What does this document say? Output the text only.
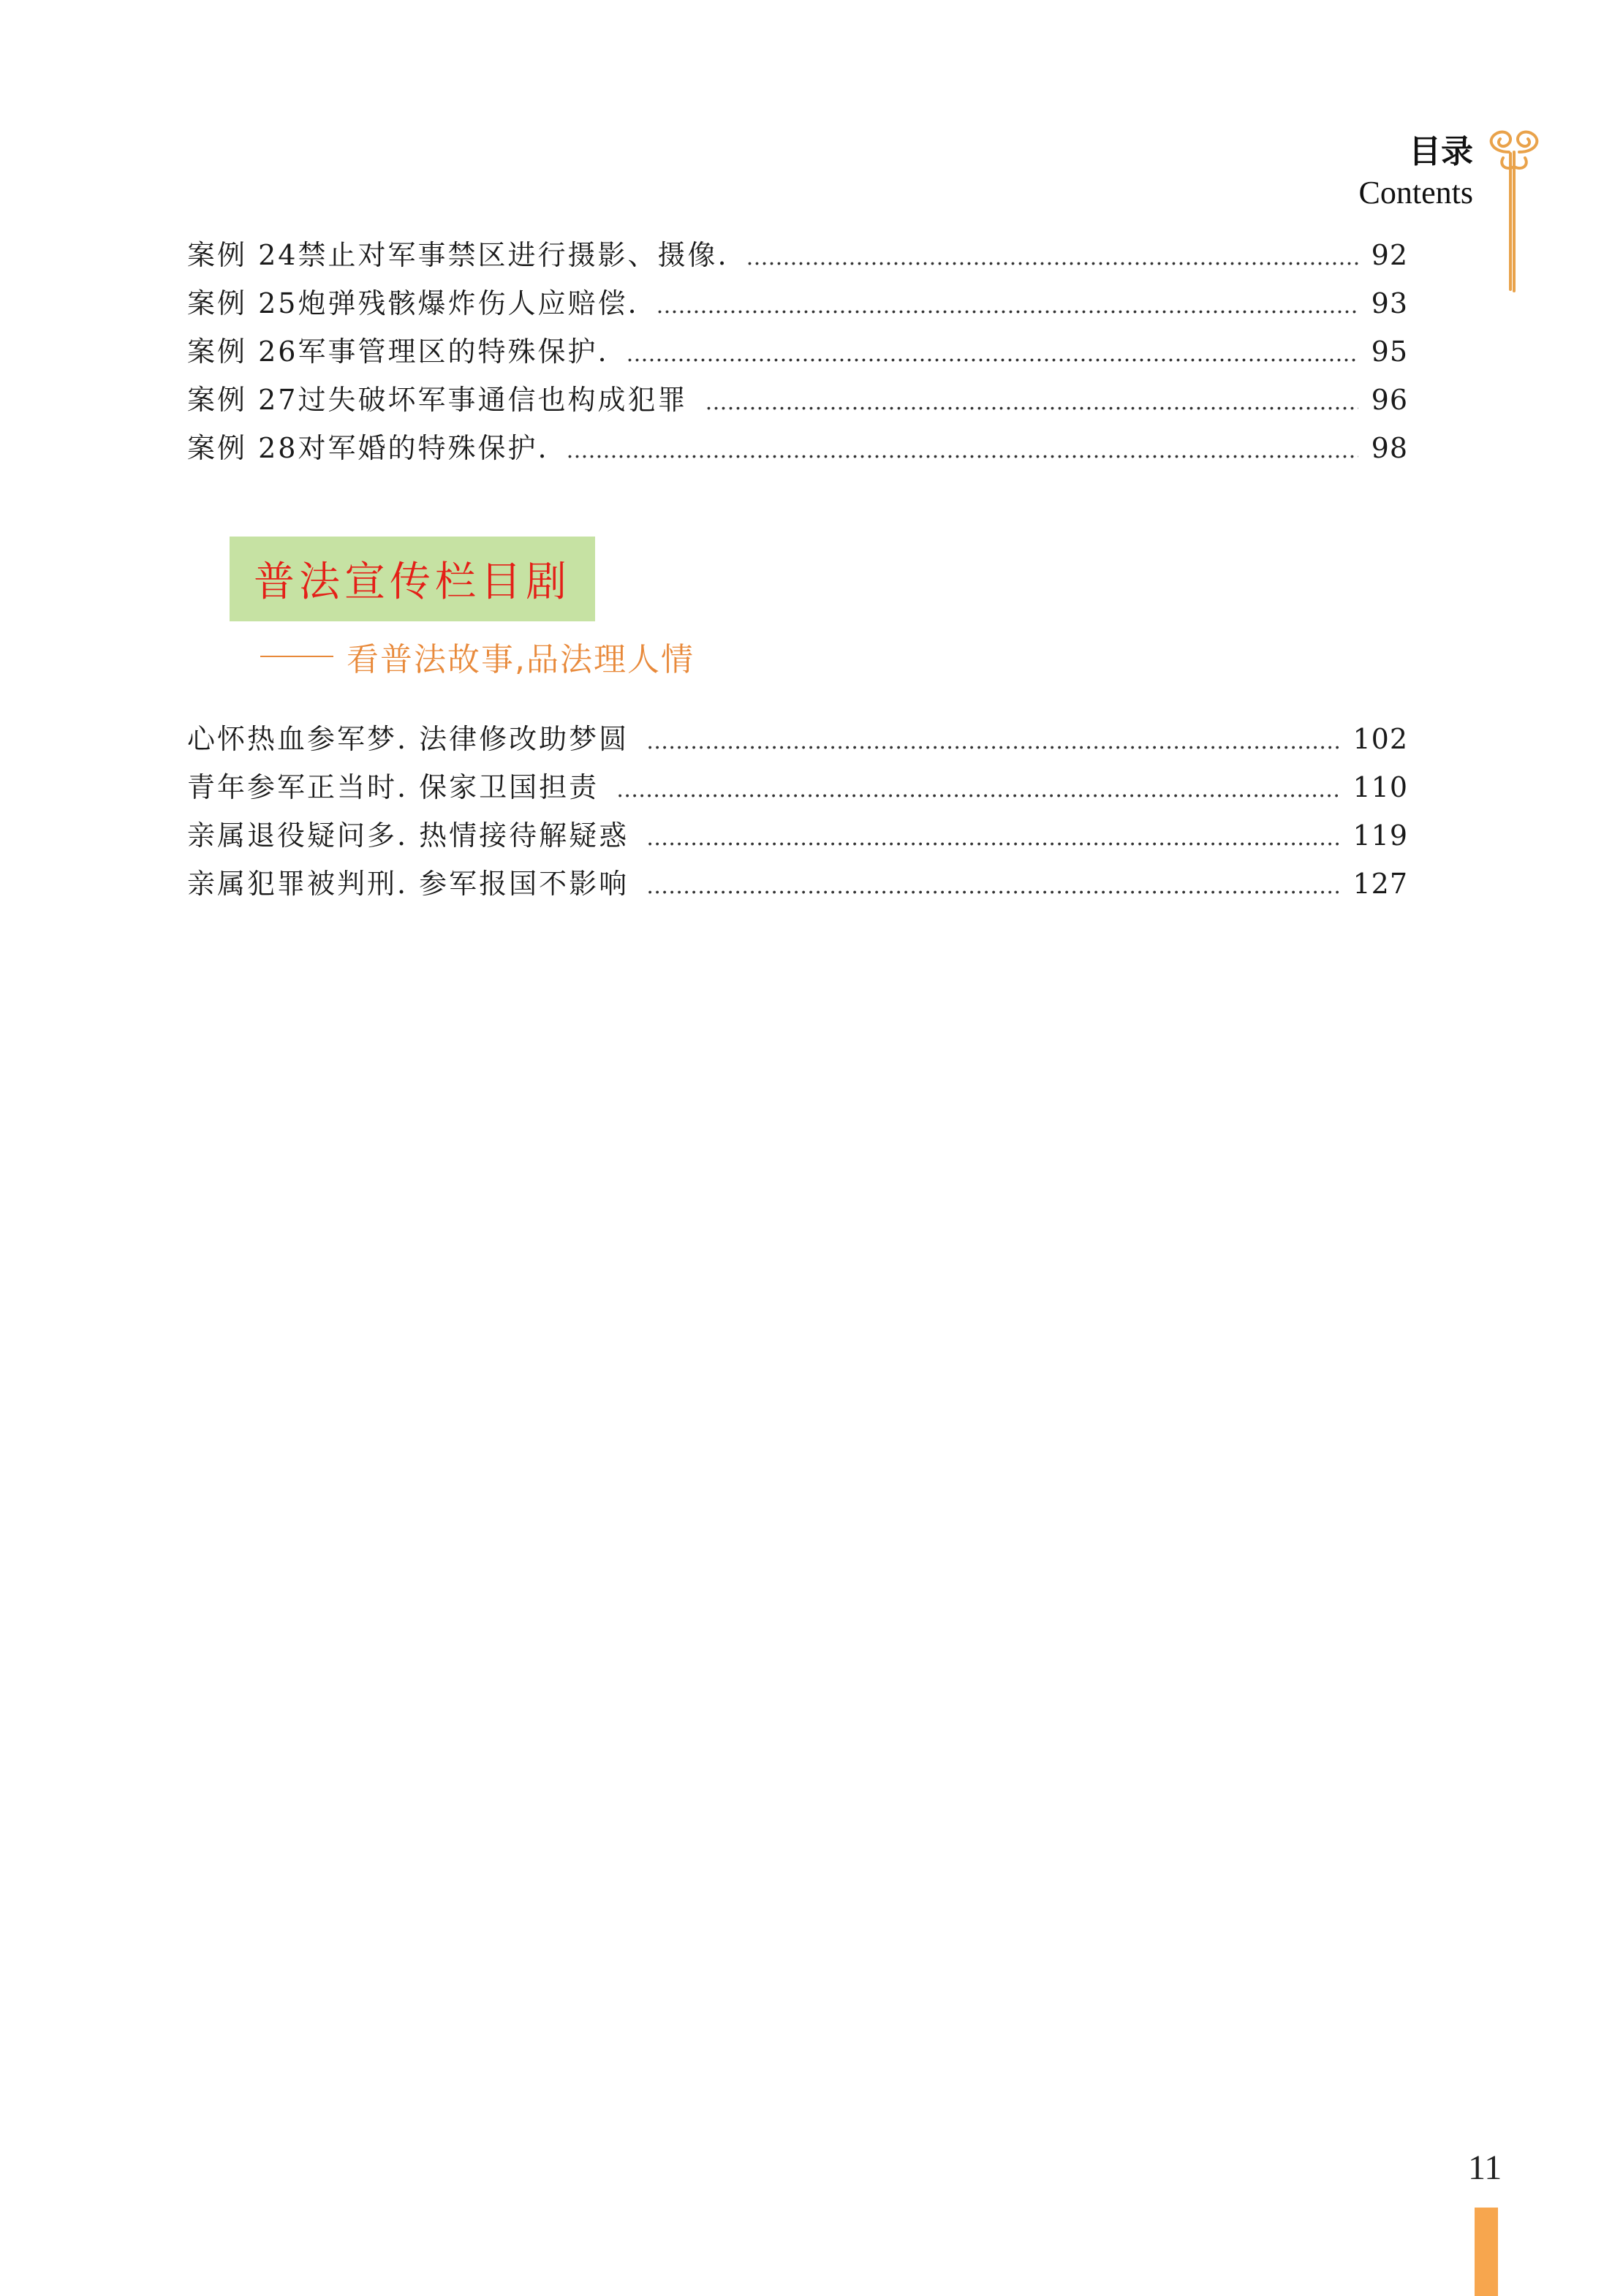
目录
Contents
案例 24 禁止对军事禁区进行摄影、摄像. …………………………………………………………………………………………………………………………………………………………………………	92
案例 25 炮弹残骸爆炸伤人应赔偿. …………………………………………………………………………………………………………………………………………………………………………	93
案例 26 军事管理区的特殊保护. …………………………………………………………………………………………………………………………………………………………………………	95
案例 27 过失破坏军事通信也构成犯罪 …………………………………………………………………………………………………………………………………………………………………………	96
案例 28 对军婚的特殊保护. …………………………………………………………………………………………………………………………………………………………………………	98
普法宣传栏目剧
看普法故事,品法理人情
心怀热血参军梦. 法律修改助梦圆 …………………………………………………………………………………………………………………………………………………………………………	102
青年参军正当时. 保家卫国担责 …………………………………………………………………………………………………………………………………………………………………………	110
亲属退役疑问多. 热情接待解疑惑 …………………………………………………………………………………………………………………………………………………………………………	119
亲属犯罪被判刑. 参军报国不影响 …………………………………………………………………………………………………………………………………………………………………………	127
11
